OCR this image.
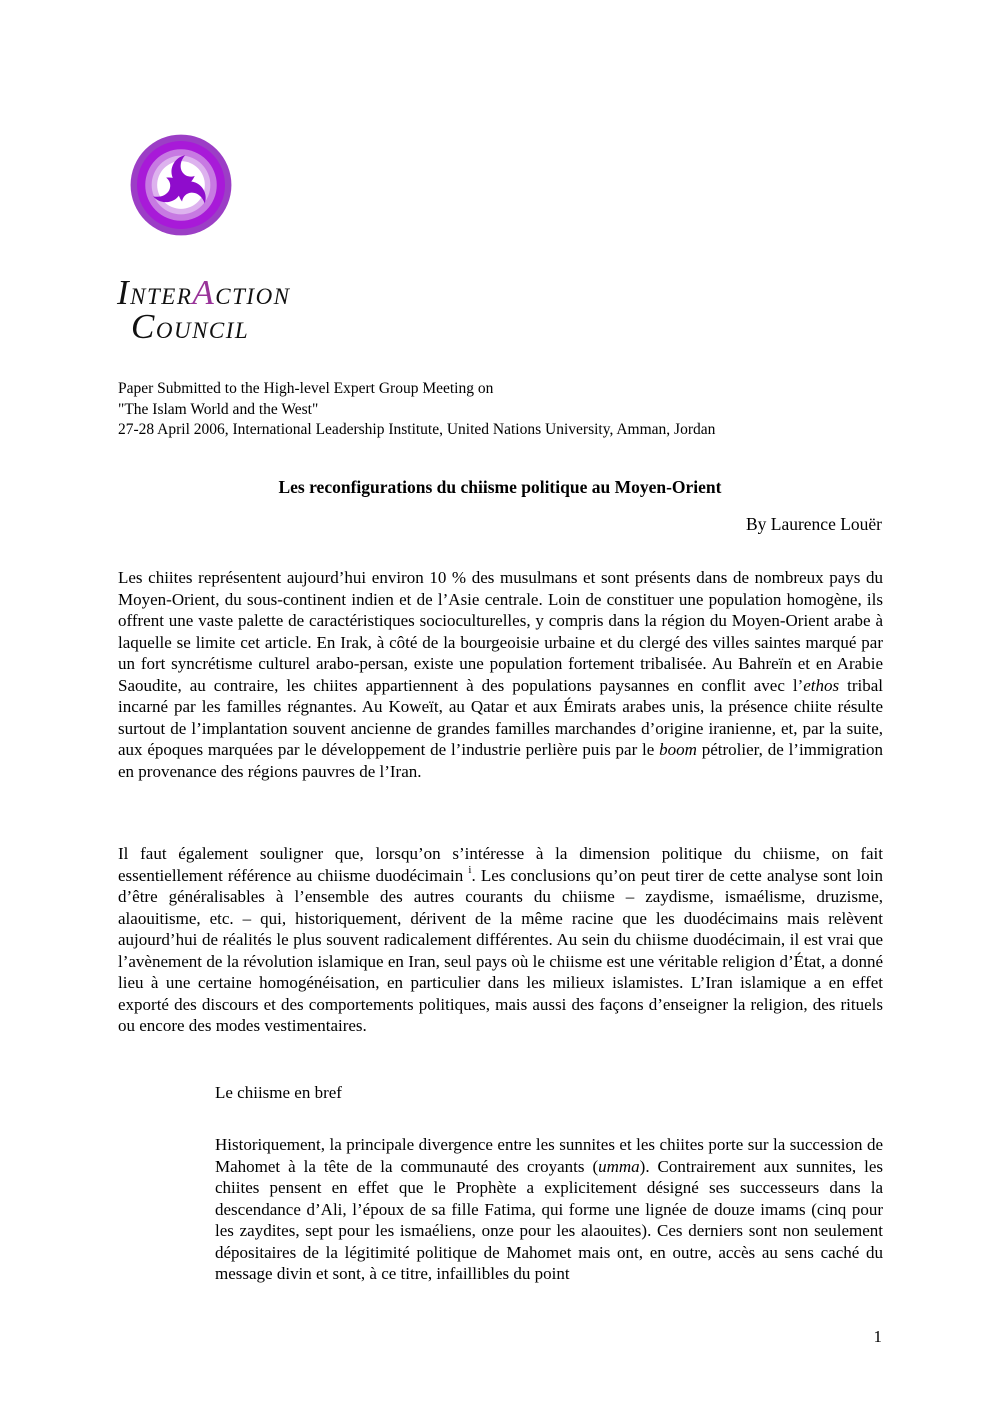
INTERACTION
COUNCIL
Paper Submitted to the High-level Expert Group Meeting on
"The Islam World and the West"
27-28 April 2006, International Leadership Institute, United Nations University, Amman, Jordan
Les reconfigurations du chiisme politique au Moyen-Orient
By Laurence Louër

Les chiites représentent aujourd’hui environ 10 % des musulmans et sont présents dans de nombreux pays du Moyen-Orient, du sous-continent indien et de l’Asie centrale. Loin de constituer une population homogène, ils offrent une vaste palette de caractéristiques socioculturelles, y compris dans la région du Moyen-Orient arabe à laquelle se limite cet article. En Irak, à côté de la bourgeoisie urbaine et du clergé des villes saintes marqué par un fort syncrétisme culturel arabo-persan, existe une population fortement tribalisée. Au Bahreïn et en Arabie Saoudite, au contraire, les chiites appartiennent à des populations paysannes en conflit avec l’ethos tribal incarné par les familles régnantes. Au Koweït, au Qatar et aux Émirats arabes unis, la présence chiite résulte surtout de l’implantation souvent ancienne de grandes familles marchandes d’origine iranienne, et, par la suite, aux époques marquées par le développement de l’industrie perlière puis par le boom pétrolier, de l’immigration en provenance des régions pauvres de l’Iran.

Il faut également souligner que, lorsqu’on s’intéresse à la dimension politique du chiisme, on fait essentiellement référence au chiisme duodécimain $^i$. Les conclusions qu’on peut tirer de cette analyse sont loin d’être généralisables à l’ensemble des autres courants du chiisme – zaydisme, ismaélisme, druzisme, alaouitisme, etc. – qui, historiquement, dérivent de la même racine que les duodécimains mais relèvent aujourd’hui de réalités le plus souvent radicalement différentes. Au sein du chiisme duodécimain, il est vrai que l’avènement de la révolution islamique en Iran, seul pays où le chiisme est une véritable religion d’État, a donné lieu à une certaine homogénéisation, en particulier dans les milieux islamistes. L’Iran islamique a en effet exporté des discours et des comportements politiques, mais aussi des façons d’enseigner la religion, des rituels ou encore des modes vestimentaires.

Le chiisme en bref

Historiquement, la principale divergence entre les sunnites et les chiites porte sur la succession de Mahomet à la tête de la communauté des croyants (umma). Contrairement aux sunnites, les chiites pensent en effet que le Prophète a explicitement désigné ses successeurs dans la descendance d’Ali, l’époux de sa fille Fatima, qui forme une lignée de douze imams (cinq pour les zaydites, sept pour les ismaéliens, onze pour les alaouites). Ces derniers sont non seulement dépositaires de la légitimité politique de Mahomet mais ont, en outre, accès au sens caché du message divin et sont, à ce titre, infaillibles du point

1
